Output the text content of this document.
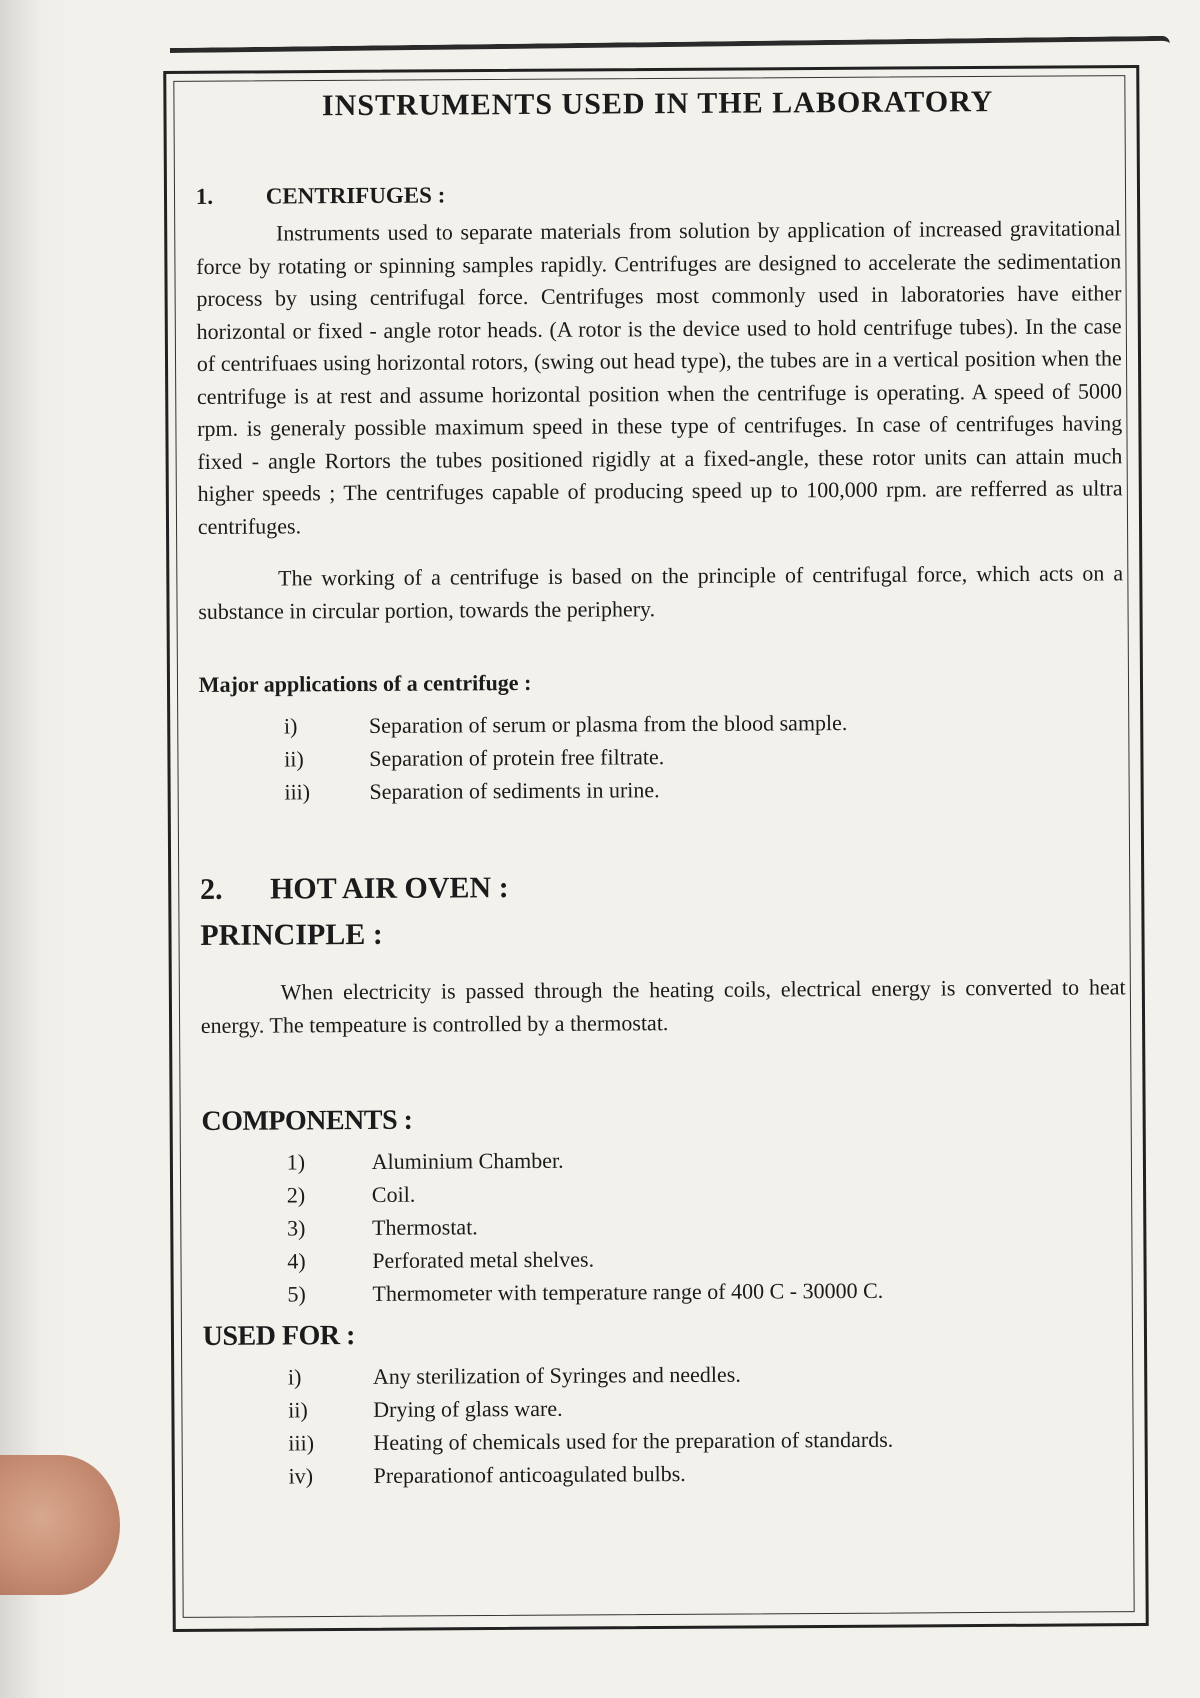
INSTRUMENTS USED IN THE LABORATORY
1.	CENTRIFUGES :

Instruments used to separate materials from solution by application of increased gravitational force by rotating or spinning samples rapidly. Centrifuges are designed to accelerate the sedimentation process by using centrifugal force. Centrifuges most commonly used in laboratories have either horizontal or fixed - angle rotor heads. (A rotor is the device used to hold centrifuge tubes). In the case of centrifuaes using horizontal rotors, (swing out head type), the tubes are in a vertical position when the centrifuge is at rest and assume horizontal position when the centrifuge is operating. A speed of 5000 rpm. is generaly possible maximum speed in these type of centrifuges. In case of centrifuges having fixed - angle Rortors the tubes positioned rigidly at a fixed-angle, these rotor units can attain much higher speeds ; The centrifuges capable of producing speed up to 100,000 rpm. are refferred as ultra centrifuges.

The working of a centrifuge is based on the principle of centrifugal force, which acts on a substance in circular portion, towards the periphery.

Major applications of a centrifuge :
i)	Separation of serum or plasma from the blood sample.
ii)	Separation of protein free filtrate.
iii)	Separation of sediments in urine.
2.	HOT AIR OVEN :
PRINCIPLE :

When electricity is passed through the heating coils, electrical energy is converted to heat energy. The tempeature is controlled by a thermostat.

COMPONENTS :
1)	Aluminium Chamber.
2)	Coil.
3)	Thermostat.
4)	Perforated metal shelves.
5)	Thermometer with temperature range of 400 C - 30000 C.
USED FOR :
i)	Any sterilization of Syringes and needles.
ii)	Drying of glass ware.
iii)	Heating of chemicals used for the preparation of standards.
iv)	Preparationof anticoagulated bulbs.
